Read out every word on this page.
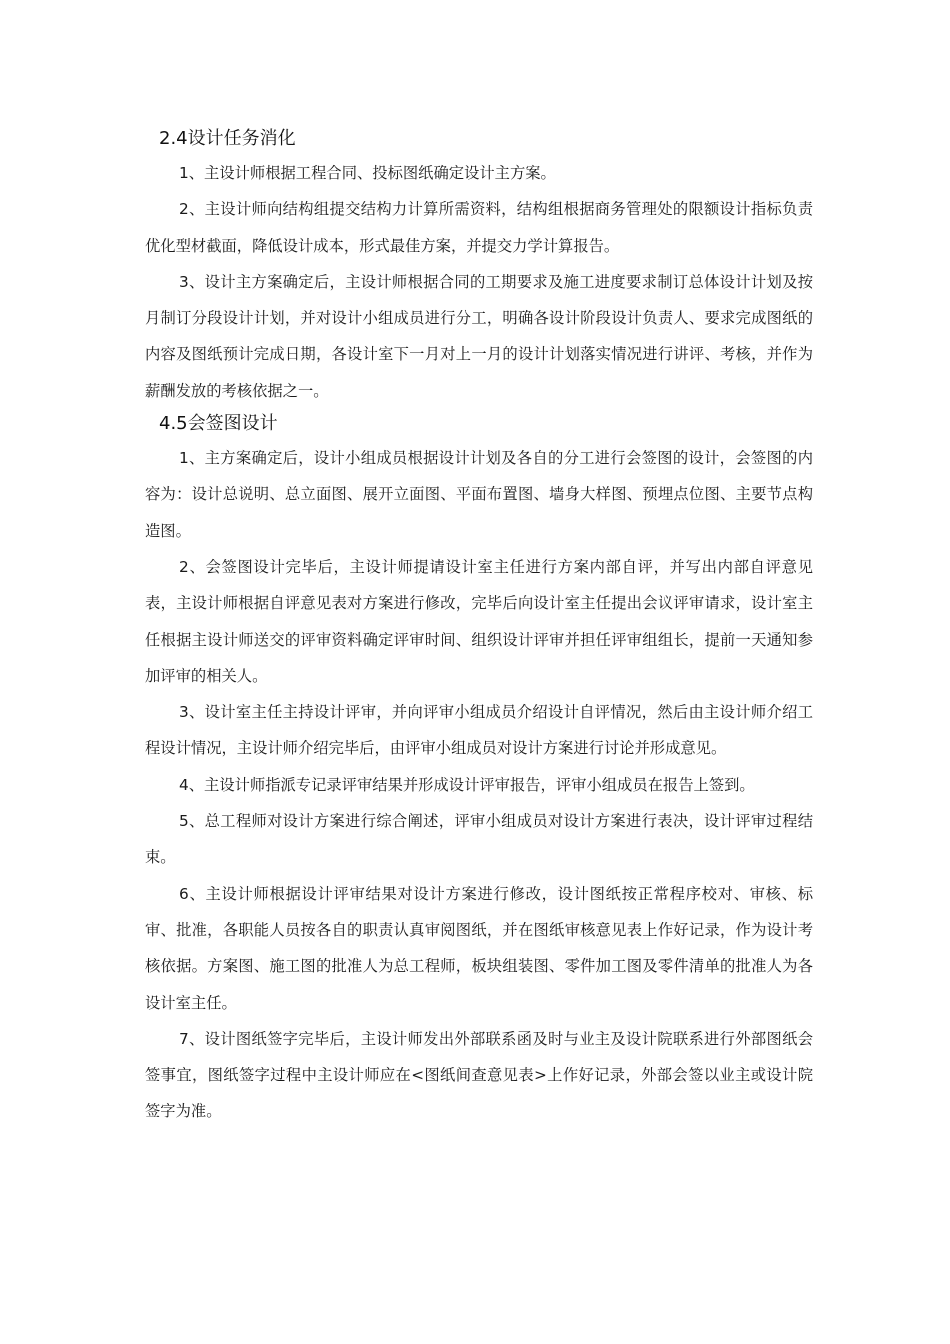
2.4设计任务消化

1、主设计师根据工程合同、投标图纸确定设计主方案。

2、主设计师向结构组提交结构力计算所需资料，结构组根据商务管理处的限额设计指标负责优化型材截面，降低设计成本，形式最佳方案，并提交力学计算报告。

3、设计主方案确定后，主设计师根据合同的工期要求及施工进度要求制订总体设计计划及按月制订分段设计计划，并对设计小组成员进行分工，明确各设计阶段设计负责人、要求完成图纸的内容及图纸预计完成日期，各设计室下一月对上一月的设计计划落实情况进行讲评、考核，并作为薪酬发放的考核依据之一。

4.5会签图设计

1、主方案确定后，设计小组成员根据设计计划及各自的分工进行会签图的设计，会签图的内容为：设计总说明、总立面图、展开立面图、平面布置图、墙身大样图、预埋点位图、主要节点构造图。

2、会签图设计完毕后，主设计师提请设计室主任进行方案内部自评，并写出内部自评意见表，主设计师根据自评意见表对方案进行修改，完毕后向设计室主任提出会议评审请求，设计室主任根据主设计师送交的评审资料确定评审时间、组织设计评审并担任评审组组长，提前一天通知参加评审的相关人。

3、设计室主任主持设计评审，并向评审小组成员介绍设计自评情况，然后由主设计师介绍工程设计情况，主设计师介绍完毕后，由评审小组成员对设计方案进行讨论并形成意见。

4、主设计师指派专记录评审结果并形成设计评审报告，评审小组成员在报告上签到。

5、总工程师对设计方案进行综合阐述，评审小组成员对设计方案进行表决，设计评审过程结束。

6、主设计师根据设计评审结果对设计方案进行修改，设计图纸按正常程序校对、审核、标审、批准，各职能人员按各自的职责认真审阅图纸，并在图纸审核意见表上作好记录，作为设计考核依据。方案图、施工图的批准人为总工程师，板块组装图、零件加工图及零件清单的批准人为各设计室主任。

7、设计图纸签字完毕后，主设计师发出外部联系函及时与业主及设计院联系进行外部图纸会签事宜，图纸签字过程中主设计师应在<图纸间查意见表>上作好记录，外部会签以业主或设计院签字为准。
